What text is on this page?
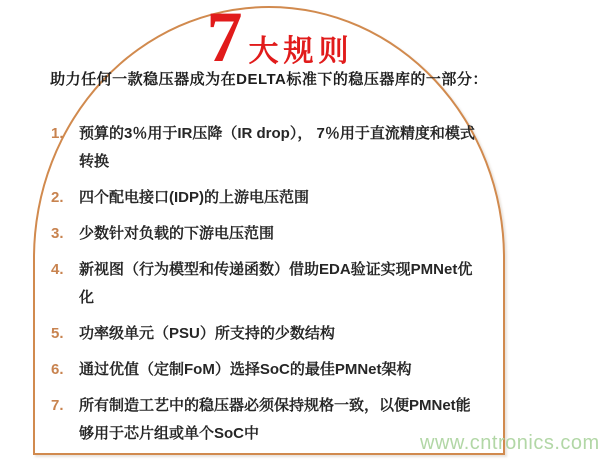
7 大规则
助力任何一款稳压器成为在DELTA标准下的稳压器库的一部分：
1.	预算的3％用于IR压降（IR drop）， 7％用于直流精度和模式转换
2.	四个配电接口(IDP)的上游电压范围
3.	少数针对负载的下游电压范围
4.	新视图（行为模型和传递函数）借助EDA验证实现PMNet优化
5.	功率级单元（PSU）所支持的少数结构
6.	通过优值（定制FoM）选择SoC的最佳PMNet架构
7.	所有制造工艺中的稳压器必须保持规格一致，以便PMNet能够用于芯片组或单个SoC中	www.cntronics.com
